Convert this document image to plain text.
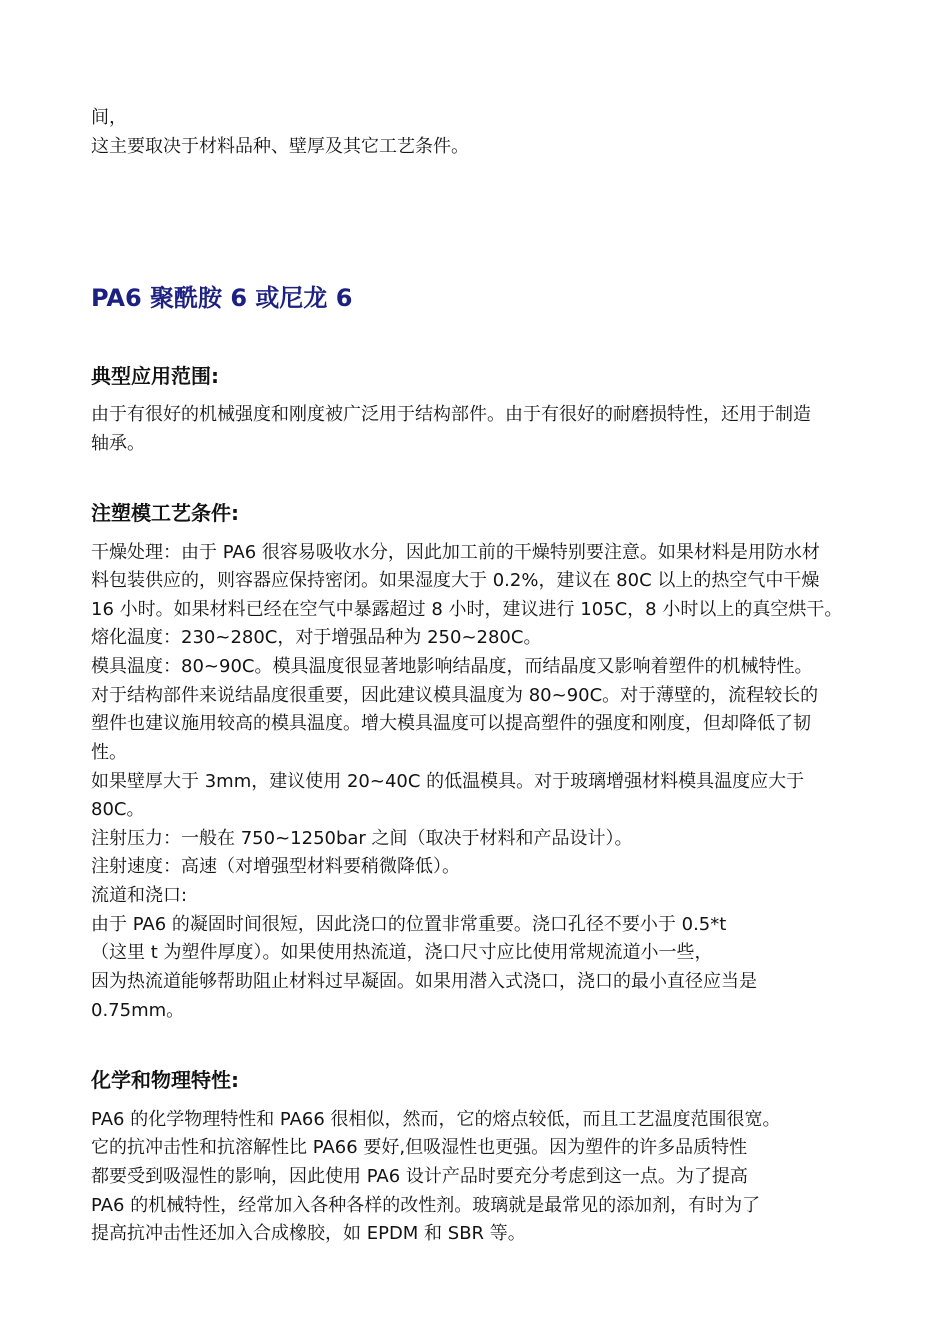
间，
这主要取决于材料品种、壁厚及其它工艺条件。
PA6 聚酰胺 6 或尼龙 6
典型应用范围:
由于有很好的机械强度和刚度被广泛用于结构部件。由于有很好的耐磨损特性，还用于制造
轴承。
注塑模工艺条件:
干燥处理：由于 PA6 很容易吸收水分，因此加工前的干燥特别要注意。如果材料是用防水材
料包装供应的，则容器应保持密闭。如果湿度大于 0.2%，建议在 80C 以上的热空气中干燥
16 小时。如果材料已经在空气中暴露超过 8 小时，建议进行 105C，8 小时以上的真空烘干。
熔化温度：230~280C，对于增强品种为 250~280C。
模具温度：80~90C。模具温度很显著地影响结晶度，而结晶度又影响着塑件的机械特性。
对于结构部件来说结晶度很重要，因此建议模具温度为 80~90C。对于薄壁的，流程较长的
塑件也建议施用较高的模具温度。增大模具温度可以提高塑件的强度和刚度，但却降低了韧
性。
如果壁厚大于 3mm，建议使用 20~40C 的低温模具。对于玻璃增强材料模具温度应大于
80C。
注射压力：一般在 750~1250bar 之间（取决于材料和产品设计）。
注射速度：高速（对增强型材料要稍微降低）。
流道和浇口:
由于 PA6 的凝固时间很短，因此浇口的位置非常重要。浇口孔径不要小于 0.5*t
（这里 t 为塑件厚度）。如果使用热流道，浇口尺寸应比使用常规流道小一些，
因为热流道能够帮助阻止材料过早凝固。如果用潜入式浇口，浇口的最小直径应当是
0.75mm。
化学和物理特性:
PA6 的化学物理特性和 PA66 很相似，然而，它的熔点较低，而且工艺温度范围很宽。
它的抗冲击性和抗溶解性比 PA66 要好,但吸湿性也更强。因为塑件的许多品质特性
都要受到吸湿性的影响，因此使用 PA6 设计产品时要充分考虑到这一点。为了提高
PA6 的机械特性，经常加入各种各样的改性剂。玻璃就是最常见的添加剂，有时为了
提高抗冲击性还加入合成橡胶，如 EPDM 和 SBR 等。
